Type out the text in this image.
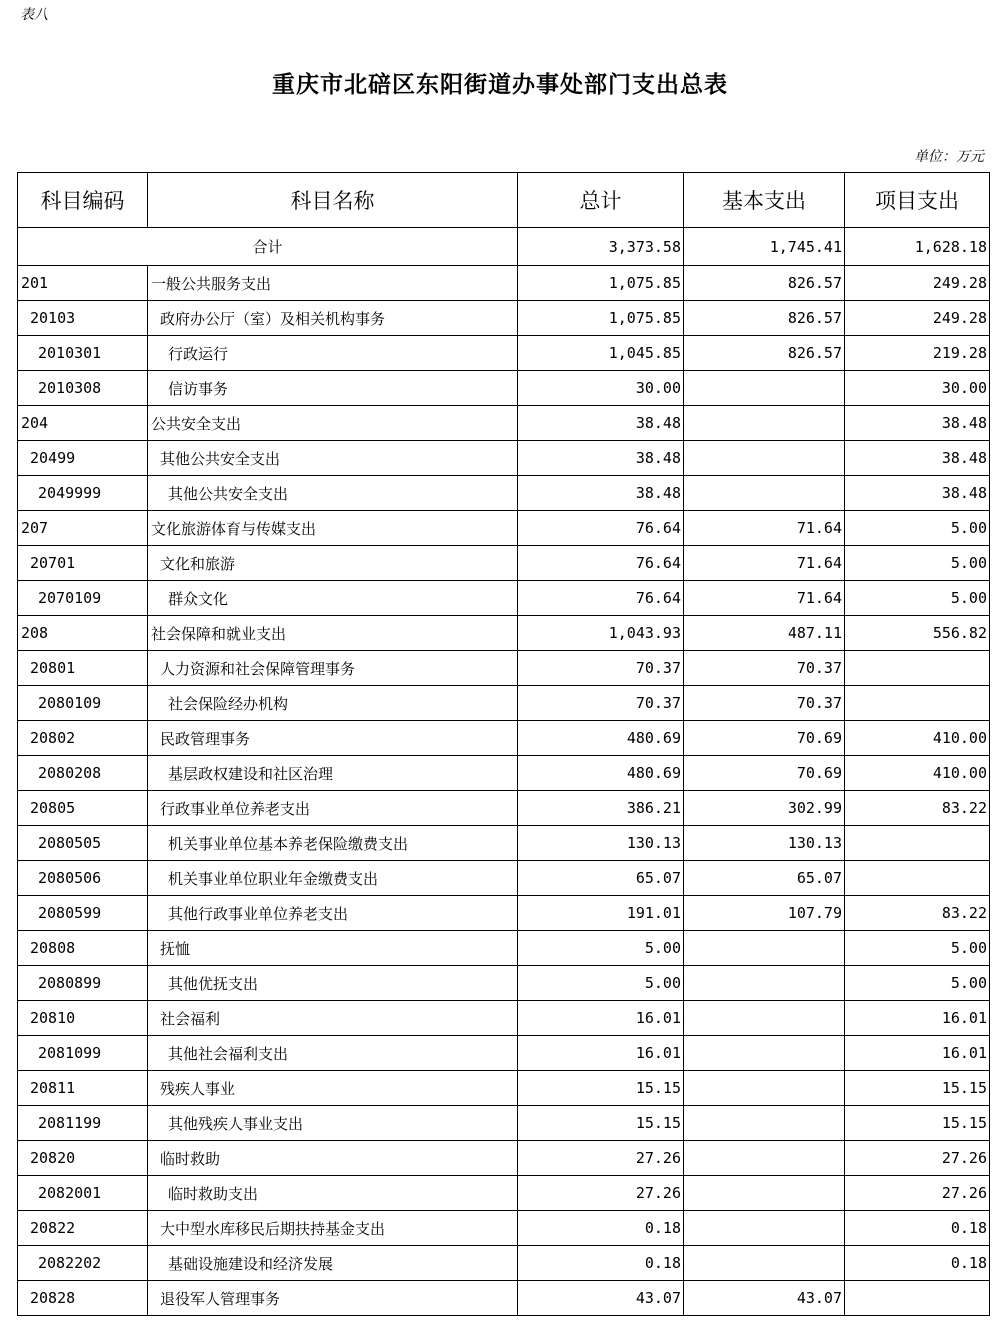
表八
重庆市北碚区东阳街道办事处部门支出总表
单位：万元
科目编码	科目名称	总计	基本支出	项目支出
合计		3,373.58	1,745.41	1,628.18
201	一般公共服务支出	1,075.85	826.57	249.28
20103	政府办公厅（室）及相关机构事务	1,075.85	826.57	249.28
2010301	行政运行	1,045.85	826.57	219.28
2010308	信访事务	30.00		30.00
204	公共安全支出	38.48		38.48
20499	其他公共安全支出	38.48		38.48
2049999	其他公共安全支出	38.48		38.48
207	文化旅游体育与传媒支出	76.64	71.64	5.00
20701	文化和旅游	76.64	71.64	5.00
2070109	群众文化	76.64	71.64	5.00
208	社会保障和就业支出	1,043.93	487.11	556.82
20801	人力资源和社会保障管理事务	70.37	70.37	
2080109	社会保险经办机构	70.37	70.37	
20802	民政管理事务	480.69	70.69	410.00
2080208	基层政权建设和社区治理	480.69	70.69	410.00
20805	行政事业单位养老支出	386.21	302.99	83.22
2080505	机关事业单位基本养老保险缴费支出	130.13	130.13	
2080506	机关事业单位职业年金缴费支出	65.07	65.07	
2080599	其他行政事业单位养老支出	191.01	107.79	83.22
20808	抚恤	5.00		5.00
2080899	其他优抚支出	5.00		5.00
20810	社会福利	16.01		16.01
2081099	其他社会福利支出	16.01		16.01
20811	残疾人事业	15.15		15.15
2081199	其他残疾人事业支出	15.15		15.15
20820	临时救助	27.26		27.26
2082001	临时救助支出	27.26		27.26
20822	大中型水库移民后期扶持基金支出	0.18		0.18
2082202	基础设施建设和经济发展	0.18		0.18
20828	退役军人管理事务	43.07	43.07	
